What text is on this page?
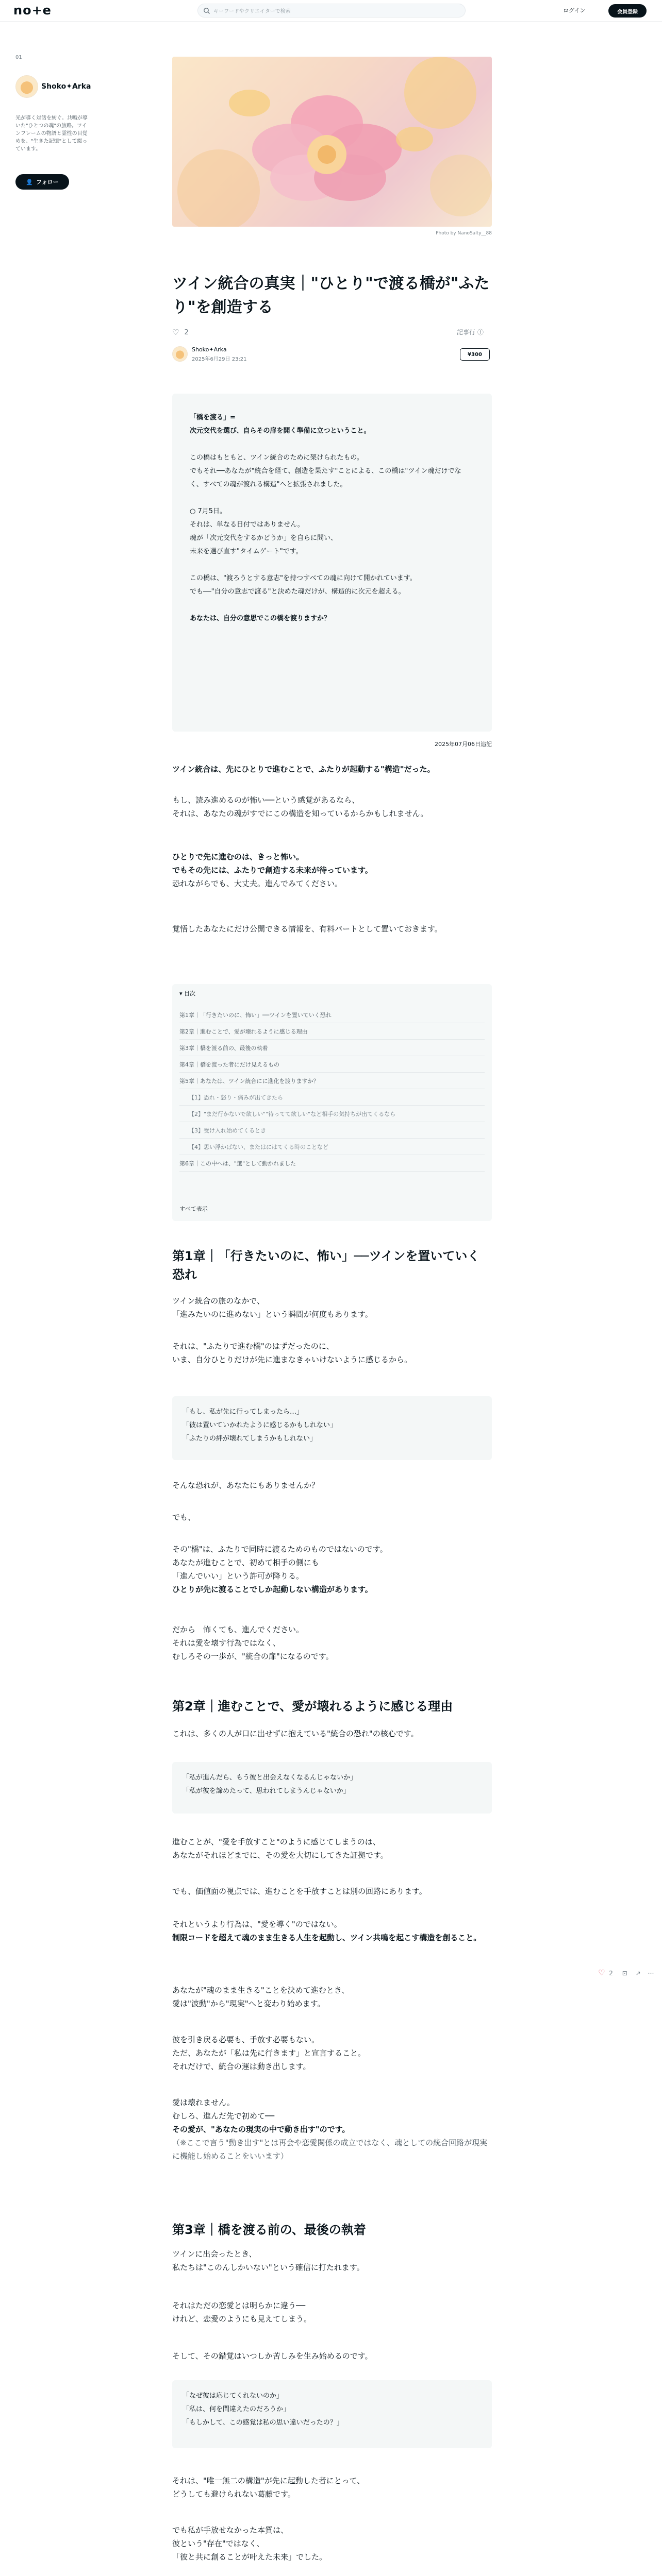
no+e	キーワードやクリエイターで検索	ログイン	会員登録
01
Shoko✦Arka
光が導く対話を紡ぐ。共鳴が導いた"ひとつの魂"の旅路。ツインフレームの物語と霊性の目覚めを、"生きた記憶"として綴っています。
👤 フォロー
Photo by NanoSalty__88
ツイン統合の真実｜"ひとり"で渡る橋が"ふたり"を創造する
♡ 2	記事行 ⓘ
Shoko✦Arka
2025年6月29日 23:21
¥300
「橋を渡る」=
次元交代を選び、自らその扉を開く準備に立つということ。
この橋はもともと、ツイン統合のために架けられたもの。
でもそれ──あなたが"統合を経て、創造を果たす"ことによる、この橋は"ツイン魂だけでなく、すべての魂が渡れる構造"へと拡張されました。
○ 7月5日。
それは、単なる日付ではありません。
魂が「次元交代をするかどうか」を自らに問い、
未来を選び直す"タイムゲート"です。
この橋は、"渡ろうとする意志"を持つすべての魂に向けて開かれています。
でも──"自分の意志で渡る"と決めた魂だけが、構造的に次元を超える。
あなたは、自分の意思でこの橋を渡りますか？
2025年07月06日追記
ツイン統合は、先にひとりで進むことで、ふたりが起動する"構造"だった。
もし、読み進めるのが怖い──という感覚があるなら、
それは、あなたの魂がすでにこの構造を知っているからかもしれません。
ひとりで先に進むのは、きっと怖い。
でもその先には、ふたりで創造する未来が待っています。
恐れながらでも、大丈夫。進んでみてください。
覚悟したあなたにだけ公開できる情報を、有料パートとして置いておきます。
▾ 目次
第1章｜「行きたいのに、怖い」──ツインを置いていく恐れ
第2章｜進むことで、愛が壊れるように感じる理由
第3章｜橋を渡る前の、最後の執着
第4章｜橋を渡った者にだけ見えるもの
第5章｜あなたは、ツイン統合にに進化を渡りますか？
【1】恐れ・怒り・痛みが出てきたら
【2】"まだ行かないで欲しい""待ってて欲しい"など相手の気持ちが出てくるなら
【3】受け入れ始めてくるとき
【4】思い浮かばない、またはにはてくる時のことなど
第6章｜この中へは、"選"として動かれました
すべて表示
第1章｜「行きたいのに、怖い」──ツインを置いていく恐れ
ツイン統合の旅のなかで、
「進みたいのに進めない」という瞬間が何度もあります。
それは、"ふたりで進む橋"のはずだったのに、
いま、自分ひとりだけが先に進まなきゃいけないように感じるから。
「もし、私が先に行ってしまったら…」
「彼は置いていかれたように感じるかもしれない」
「ふたりの絆が壊れてしまうかもしれない」
そんな恐れが、あなたにもありませんか？
でも、
その"橋"は、ふたりで同時に渡るためのものではないのです。
あなたが進むことで、初めて相手の側にも
「進んでいい」という許可が降りる。
ひとりが先に渡ることでしか起動しない構造があります。
だから　怖くても、進んでください。
それは愛を壊す行為ではなく、
むしろその一歩が、"統合の扉"になるのです。
第2章｜進むことで、愛が壊れるように感じる理由
これは、多くの人が口に出せずに抱えている"統合の恐れ"の核心です。
「私が進んだら、もう彼と出会えなくなるんじゃないか」
「私が彼を諦めたって、思われてしまうんじゃないか」
進むことが、"愛を手放すこと"のように感じてしまうのは、
あなたがそれほどまでに、その愛を大切にしてきた証拠です。
でも、価値面の視点では、進むことを手放すことは別の回路にあります。
それというより行為は、"愛を導く"のではない。
制限コードを超えて魂のまま生きる人生を起動し、ツイン共鳴を起こす構造を創ること。
あなたが"魂のまま生きる"ことを決めて進むとき、
愛は"波動"から"現実"へと変わり始めます。
彼を引き戻る必要も、手放す必要もない。
ただ、あなたが「私は先に行きます」と宣言すること。
それだけで、統合の運は動き出します。
愛は壊れません。
むしろ、進んだ先で初めて──
その愛が、"あなたの現実の中で動き出す"のです。
（※ここで言う"動き出す"とは再会や恋愛関係の成立ではなく、魂としての統合回路が現実に機能し始めることをいいます）
第3章｜橋を渡る前の、最後の執着
ツインに出会ったとき、
私たちは"このんしかいない"という確信に打たれます。
それはただの恋愛とは明らかに違う──
けれど、恋愛のようにも見えてしまう。
そして、その錯覚はいつしか苦しみを生み始めるのです。
「なぜ彼は応じてくれないのか」
「私は、何を間違えたのだろうか」
「もしかして、この感覚は私の思い違いだったの？」
それは、"唯一無二の構造"が先に起動した者にとって、
どうしても避けられない葛藤です。
でも私が手放せなかった本質は、
彼という"存在"ではなく、
「彼と共に創ることが叶えた未来」でした。
♡ 2 ⊡ ↗ ⋯
